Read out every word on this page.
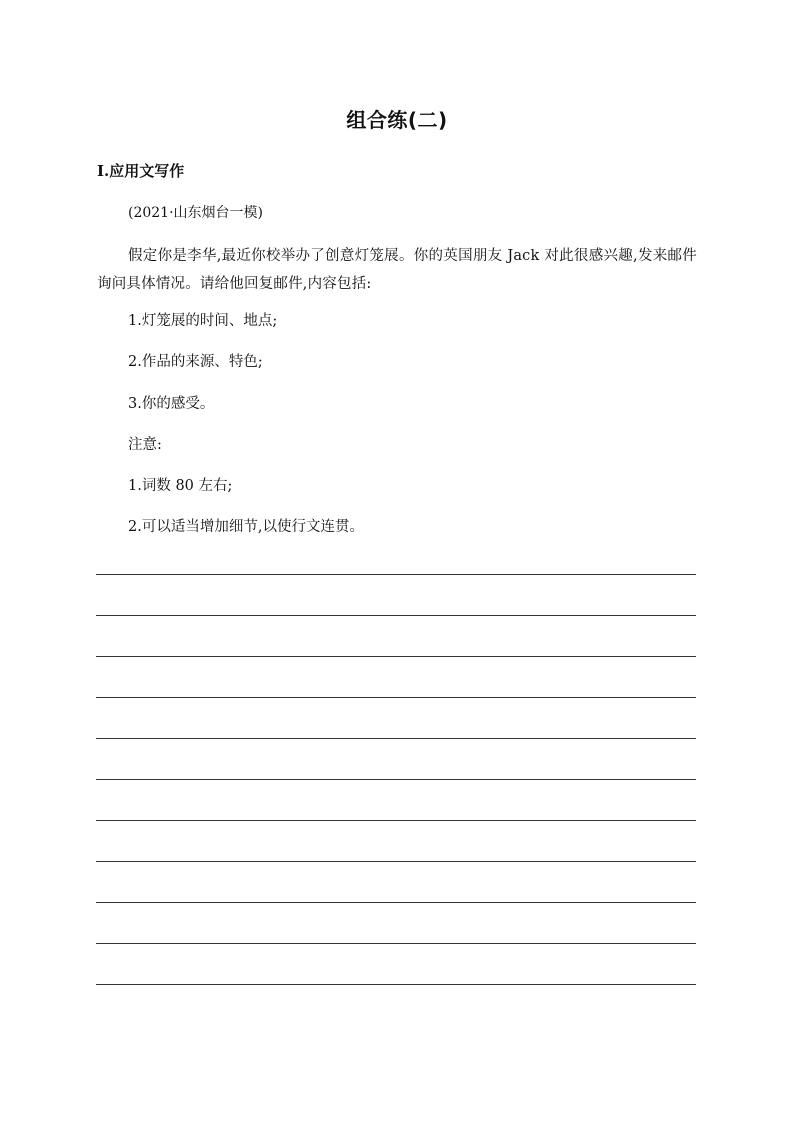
组合练(二)
Ⅰ.应用文写作
(2021·山东烟台一模)
假定你是李华,最近你校举办了创意灯笼展。你的英国朋友 Jack 对此很感兴趣,发来邮件询问具体情况。请给他回复邮件,内容包括:
1.灯笼展的时间、地点;
2.作品的来源、特色;
3.你的感受。
注意:
1.词数 80 左右;
2.可以适当增加细节,以使行文连贯。
